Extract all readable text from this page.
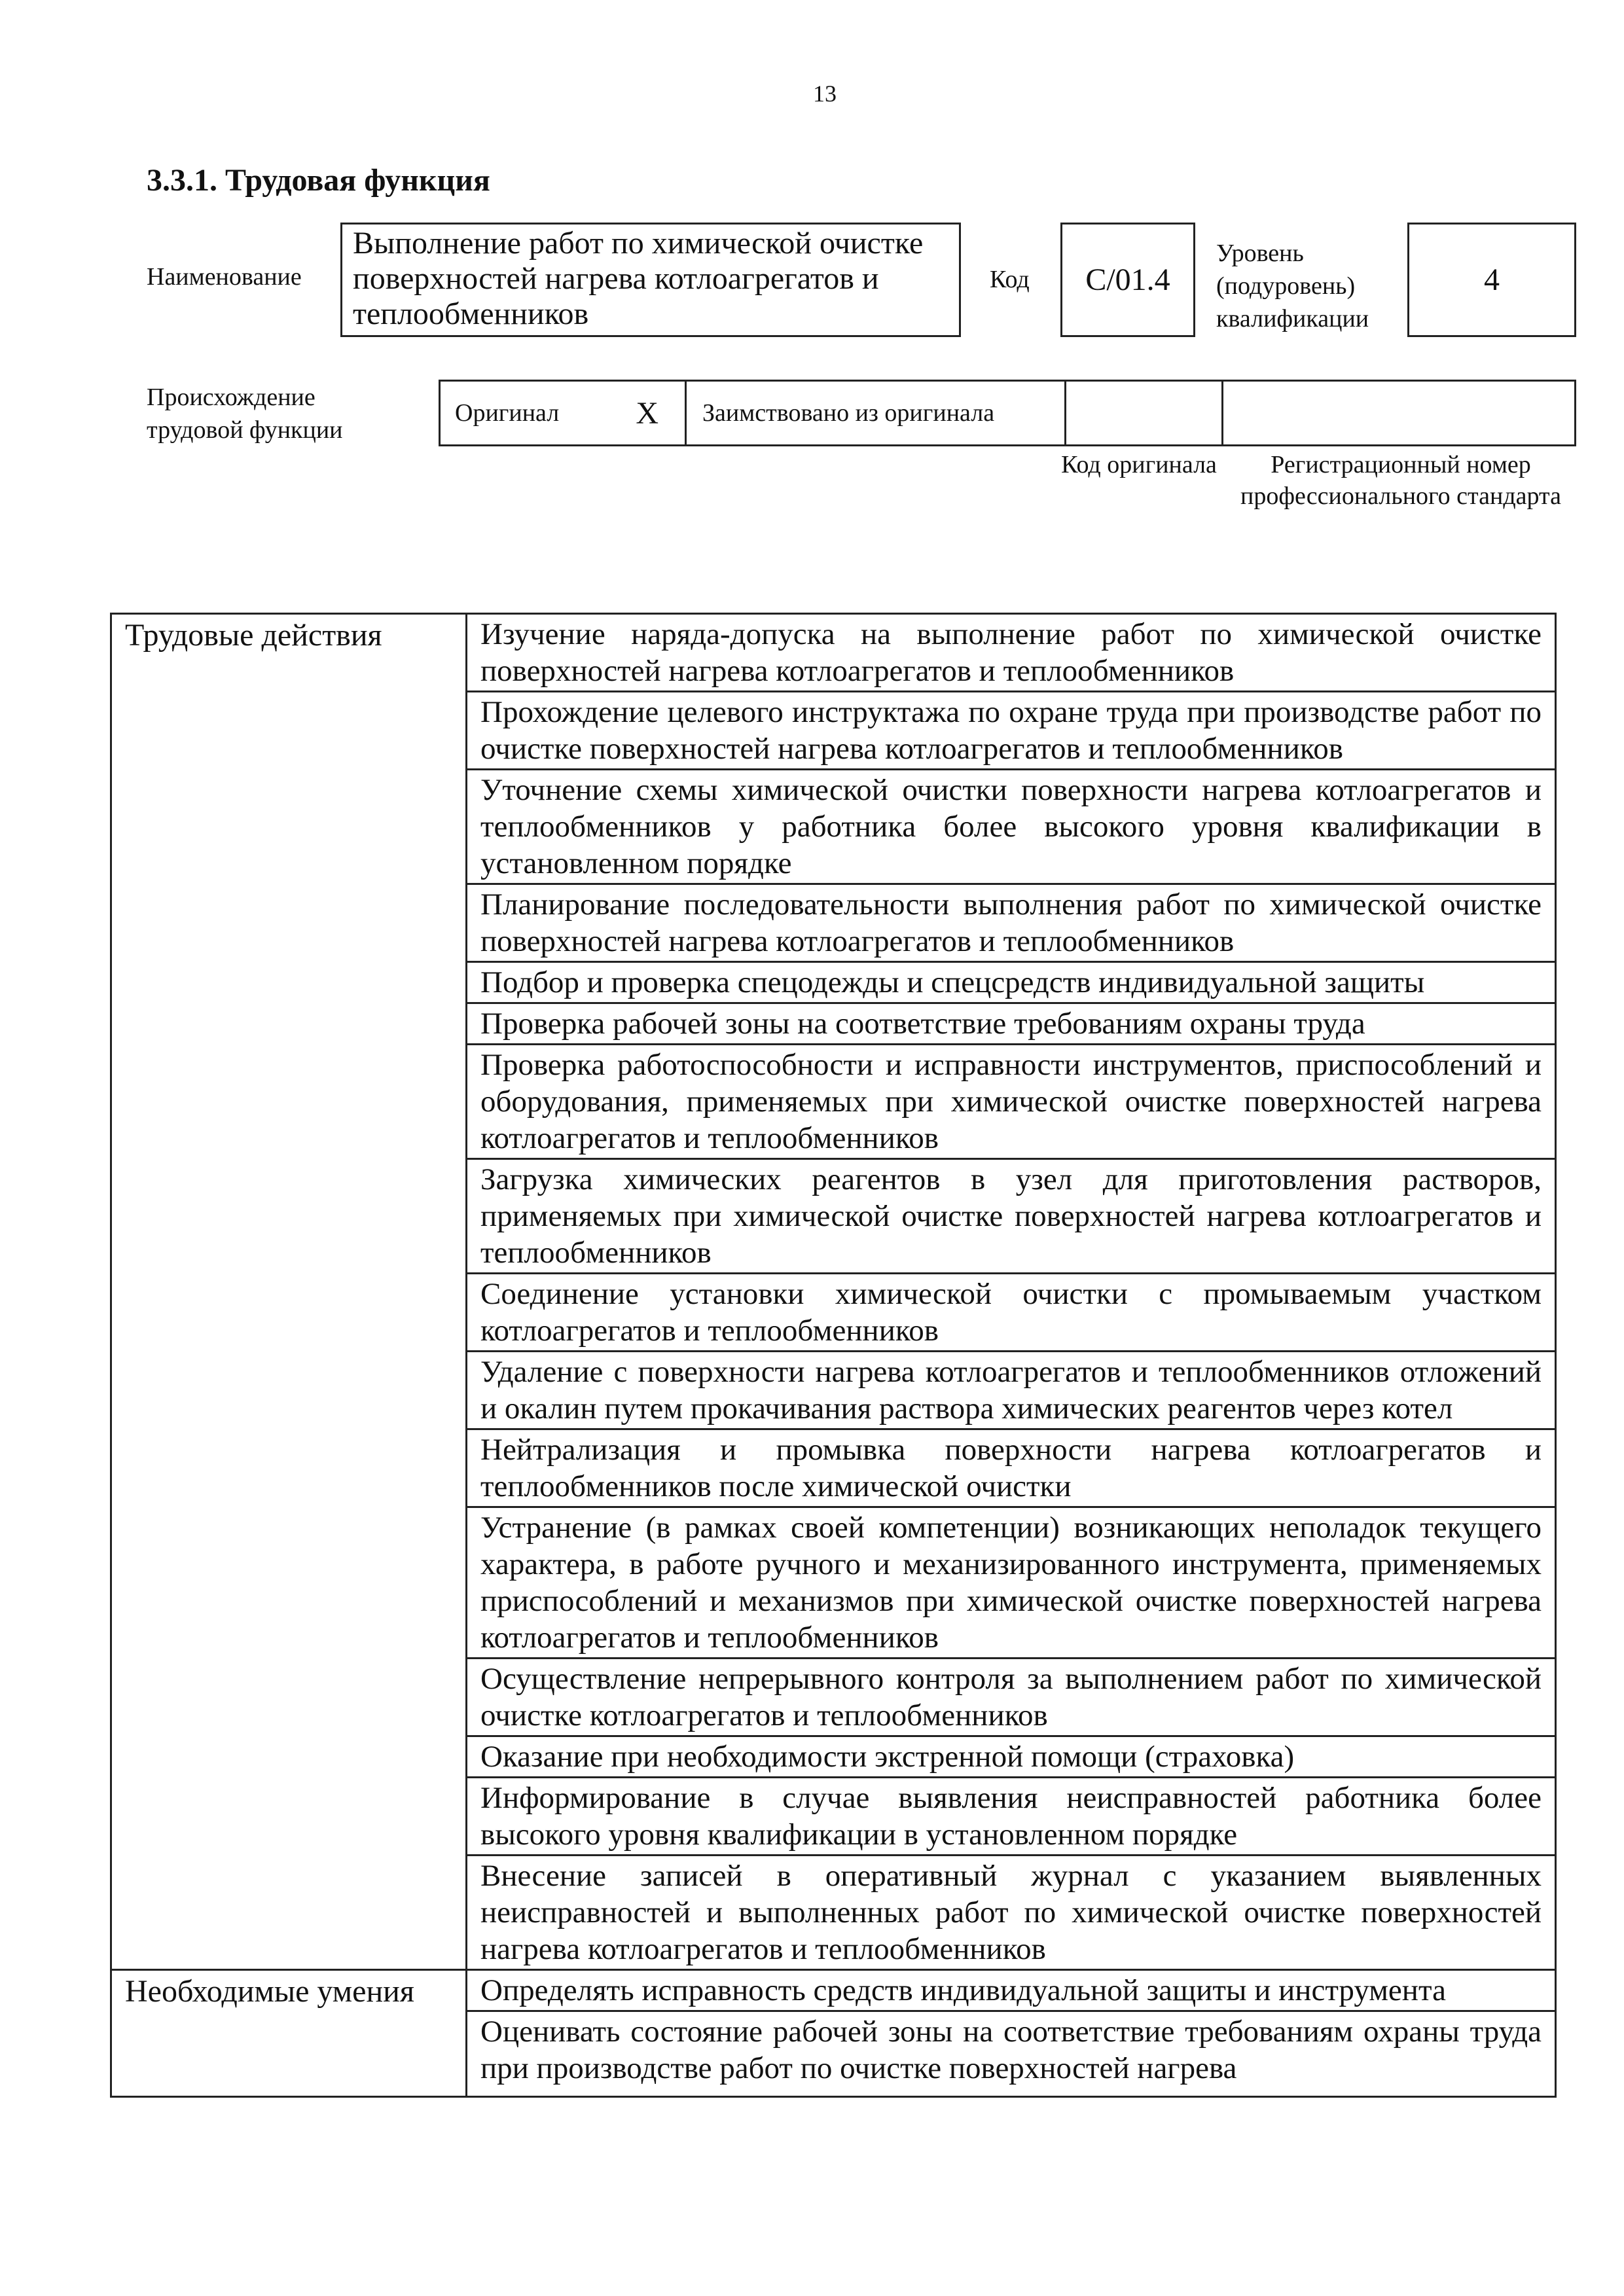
13
3.3.1. Трудовая функция
Наименование
Выполнение работ по химической очистке поверхностей нагрева котлоагрегатов и теплообменников
Код	C/01.4
Уровень (подуровень) квалификации
4
Происхождение трудовой функции
Оригинал X Заимствовано из оригинала
Код оригинала	Регистрационный номер профессионального стандарта
Трудовые действия	Изучение наряда-допуска на выполнение работ по химической очистке поверхностей нагрева котлоагрегатов и теплообменников
	Прохождение целевого инструктажа по охране труда при производстве работ по очистке поверхностей нагрева котлоагрегатов и теплообменников
	Уточнение схемы химической очистки поверхности нагрева котлоагрегатов и теплообменников у работника более высокого уровня квалификации в установленном порядке
	Планирование последовательности выполнения работ по химической очистке поверхностей нагрева котлоагрегатов и теплообменников
	Подбор и проверка спецодежды и спецсредств индивидуальной защиты
	Проверка рабочей зоны на соответствие требованиям охраны труда
	Проверка работоспособности и исправности инструментов, приспособлений и оборудования, применяемых при химической очистке поверхностей нагрева котлоагрегатов и теплообменников
	Загрузка химических реагентов в узел для приготовления растворов, применяемых при химической очистке поверхностей нагрева котлоагрегатов и теплообменников
	Соединение установки химической очистки с промываемым участком котлоагрегатов и теплообменников
	Удаление с поверхности нагрева котлоагрегатов и теплообменников отложений и окалин путем прокачивания раствора химических реагентов через котел
	Нейтрализация и промывка поверхности нагрева котлоагрегатов и теплообменников после химической очистки
	Устранение (в рамках своей компетенции) возникающих неполадок текущего характера, в работе ручного и механизированного инструмента, применяемых приспособлений и механизмов при химической очистке поверхностей нагрева котлоагрегатов и теплообменников
	Осуществление непрерывного контроля за выполнением работ по химической очистке котлоагрегатов и теплообменников
	Оказание при необходимости экстренной помощи (страховка)
	Информирование в случае выявления неисправностей работника более высокого уровня квалификации в установленном порядке
	Внесение записей в оперативный журнал с указанием выявленных неисправностей и выполненных работ по химической очистке поверхностей нагрева котлоагрегатов и теплообменников
Необходимые умения	Определять исправность средств индивидуальной защиты и инструмента
	Оценивать состояние рабочей зоны на соответствие требованиям охраны труда при производстве работ по очистке поверхностей нагрева
